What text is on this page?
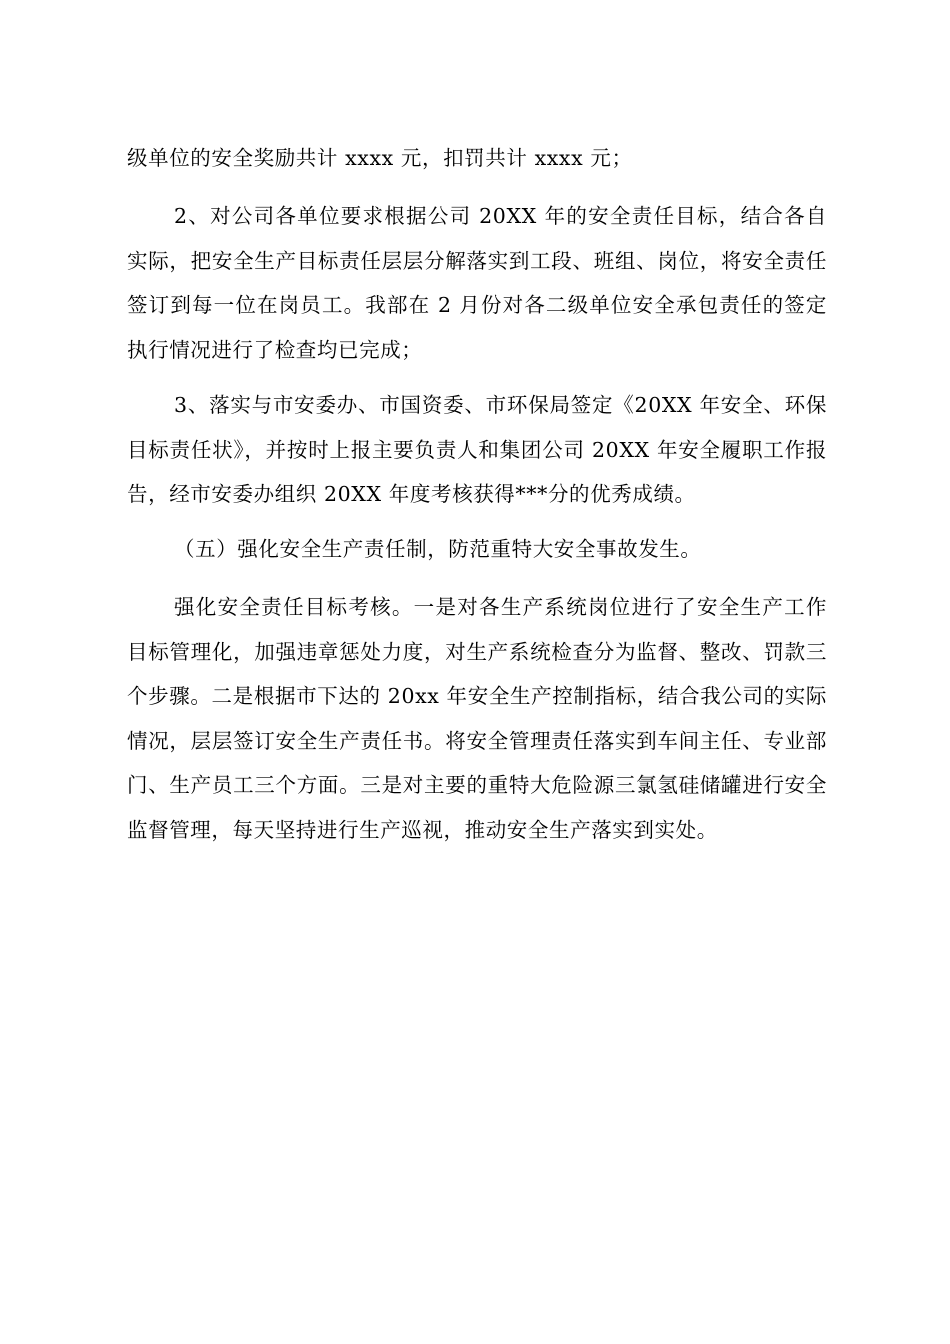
级单位的安全奖励共计 xxxx 元，扣罚共计 xxxx 元；

2、对公司各单位要求根据公司 20XX 年的安全责任目标，结合各自实际，把安全生产目标责任层层分解落实到工段、班组、岗位，将安全责任签订到每一位在岗员工。我部在 2 月份对各二级单位安全承包责任的签定执行情况进行了检查均已完成；

3、落实与市安委办、市国资委、市环保局签定《20XX 年安全、环保目标责任状》，并按时上报主要负责人和集团公司 20XX 年安全履职工作报告，经市安委办组织 20XX 年度考核获得***分的优秀成绩。

（五）强化安全生产责任制，防范重特大安全事故发生。

强化安全责任目标考核。一是对各生产系统岗位进行了安全生产工作目标管理化，加强违章惩处力度，对生产系统检查分为监督、整改、罚款三个步骤。二是根据市下达的 20xx 年安全生产控制指标，结合我公司的实际情况，层层签订安全生产责任书。将安全管理责任落实到车间主任、专业部门、生产员工三个方面。三是对主要的重特大危险源三氯氢硅储罐进行安全监督管理，每天坚持进行生产巡视，推动安全生产落实到实处。
